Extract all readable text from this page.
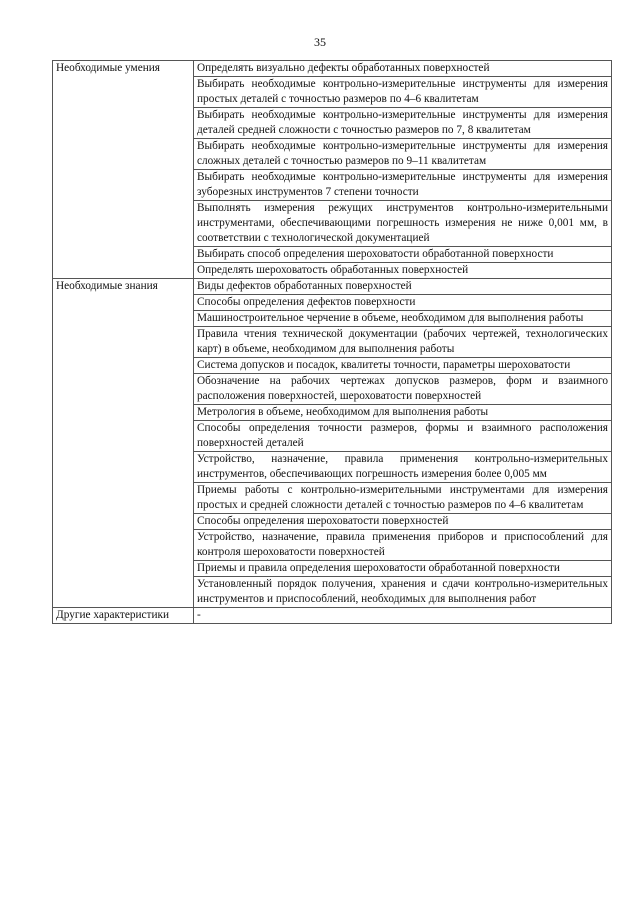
35
Необходимые умения	Определять визуально дефекты обработанных поверхностей
	Выбирать необходимые контрольно-измерительные инструменты для измерения простых деталей с точностью размеров по 4–6 квалитетам
	Выбирать необходимые контрольно-измерительные инструменты для измерения деталей средней сложности с точностью размеров по 7, 8 квалитетам
	Выбирать необходимые контрольно-измерительные инструменты для измерения сложных деталей с точностью размеров по 9–11 квалитетам
	Выбирать необходимые контрольно-измерительные инструменты для измерения зуборезных инструментов 7 степени точности
	Выполнять измерения режущих инструментов контрольно-измерительными инструментами, обеспечивающими погрешность измерения не ниже 0,001 мм, в соответствии с технологической документацией
	Выбирать способ определения шероховатости обработанной поверхности
	Определять шероховатость обработанных поверхностей
Необходимые знания	Виды дефектов обработанных поверхностей
	Способы определения дефектов поверхности
	Машиностроительное черчение в объеме, необходимом для выполнения работы
	Правила чтения технической документации (рабочих чертежей, технологических карт) в объеме, необходимом для выполнения работы
	Система допусков и посадок, квалитеты точности, параметры шероховатости
	Обозначение на рабочих чертежах допусков размеров, форм и взаимного расположения поверхностей, шероховатости поверхностей
	Метрология в объеме, необходимом для выполнения работы
	Способы определения точности размеров, формы и взаимного расположения поверхностей деталей
	Устройство, назначение, правила применения контрольно-измерительных инструментов, обеспечивающих погрешность измерения более 0,005 мм
	Приемы работы с контрольно-измерительными инструментами для измерения простых и средней сложности деталей с точностью размеров по 4–6 квалитетам
	Способы определения шероховатости поверхностей
	Устройство, назначение, правила применения приборов и приспособлений для контроля шероховатости поверхностей
	Приемы и правила определения шероховатости обработанной поверхности
	Установленный порядок получения, хранения и сдачи контрольно-измерительных инструментов и приспособлений, необходимых для выполнения работ
Другие характеристики	-
